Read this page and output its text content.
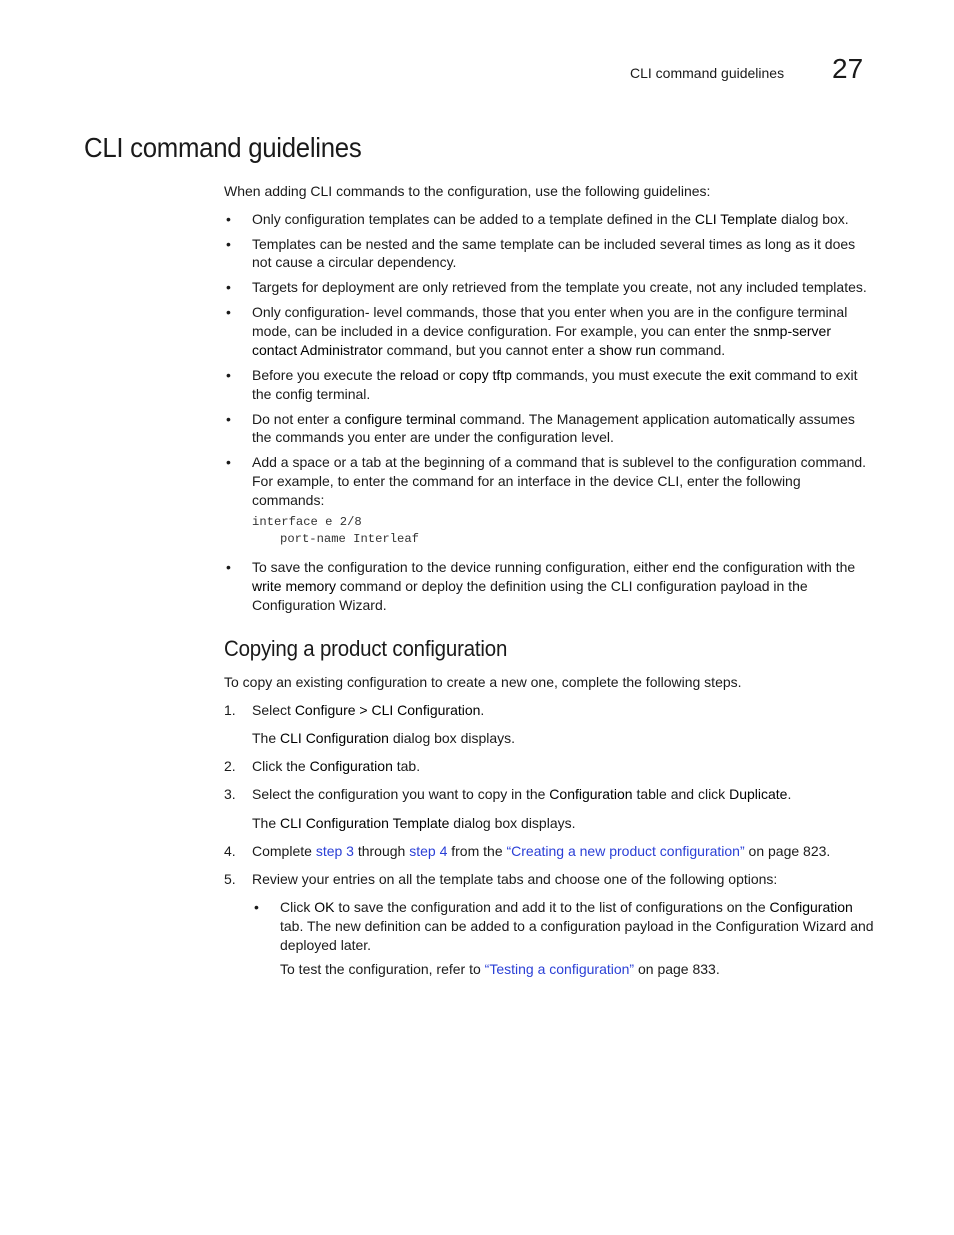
CLI command guidelines 27
CLI command guidelines

When adding CLI commands to the configuration, use the following guidelines:

• Only configuration templates can be added to a template defined in the CLI Template dialog box.
• Templates can be nested and the same template can be included several times as long as it does not cause a circular dependency.
• Targets for deployment are only retrieved from the template you create, not any included templates.
• Only configuration- level commands, those that you enter when you are in the configure terminal mode, can be included in a device configuration. For example, you can enter the snmp-server contact Administrator command, but you cannot enter a show run command.
• Before you execute the reload or copy tftp commands, you must execute the exit command to exit the config terminal.
• Do not enter a configure terminal command. The Management application automatically assumes the commands you enter are under the configuration level.
• Add a space or a tab at the beginning of a command that is sublevel to the configuration command. For example, to enter the command for an interface in the device CLI, enter the following commands:
interface e 2/8
port-name Interleaf
• To save the configuration to the device running configuration, either end the configuration with the write memory command or deploy the definition using the CLI configuration payload in the Configuration Wizard.
Copying a product configuration

To copy an existing configuration to create a new one, complete the following steps.

1. Select Configure > CLI Configuration.
The CLI Configuration dialog box displays.
2. Click the Configuration tab.
3. Select the configuration you want to copy in the Configuration table and click Duplicate.
The CLI Configuration Template dialog box displays.
4. Complete step 3 through step 4 from the “Creating a new product configuration” on page 823.
5. Review your entries on all the template tabs and choose one of the following options:
• Click OK to save the configuration and add it to the list of configurations on the Configuration tab. The new definition can be added to a configuration payload in the Configuration Wizard and deployed later.
To test the configuration, refer to “Testing a configuration” on page 833.
